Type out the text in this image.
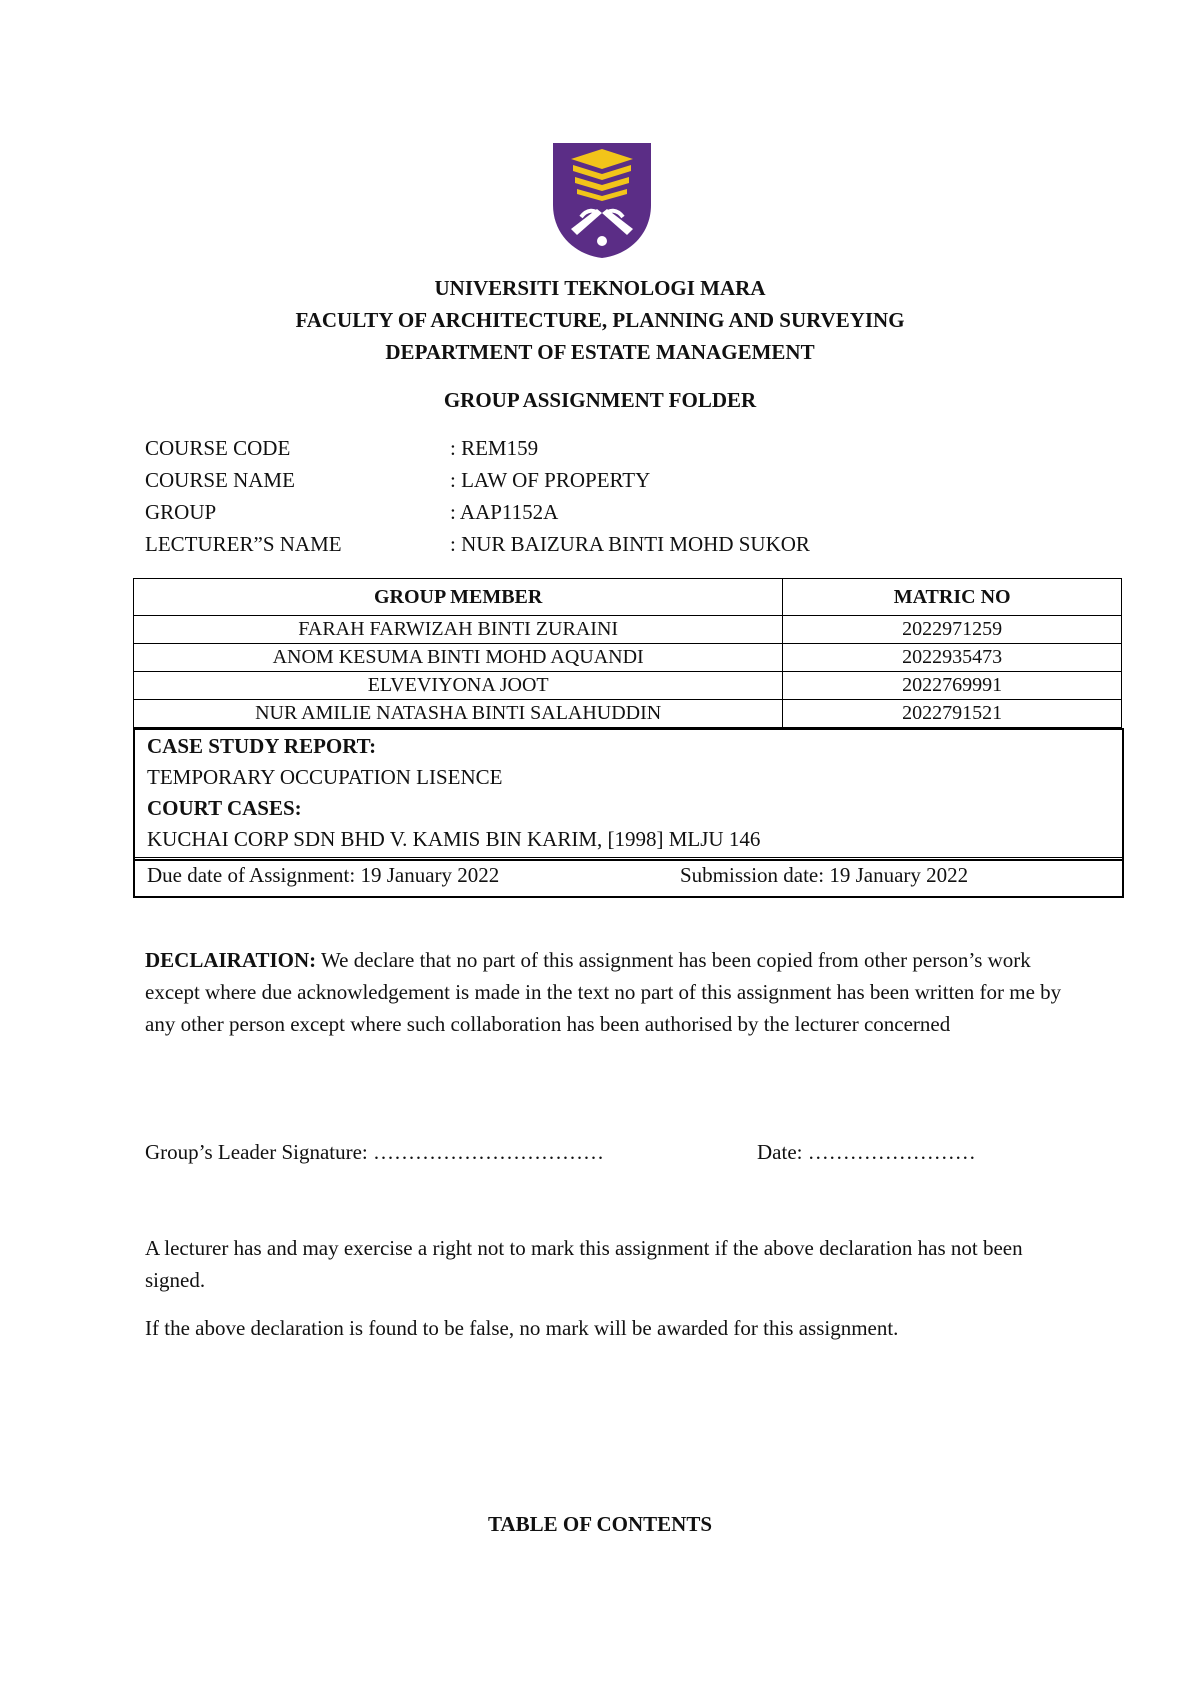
UNIVERSITI TEKNOLOGI MARA
FACULTY OF ARCHITECTURE, PLANNING AND SURVEYING
DEPARTMENT OF ESTATE MANAGEMENT
GROUP ASSIGNMENT FOLDER
COURSE CODE	: REM159
COURSE NAME	: LAW OF PROPERTY
GROUP	: AAP1152A
LECTURER”S NAME	: NUR BAIZURA BINTI MOHD SUKOR
GROUP MEMBER	MATRIC NO
FARAH FARWIZAH BINTI ZURAINI	2022971259
ANOM KESUMA BINTI MOHD AQUANDI	2022935473
ELVEVIYONA JOOT	2022769991
NUR AMILIE NATASHA BINTI SALAHUDDIN	2022791521
CASE STUDY REPORT:
TEMPORARY OCCUPATION LISENCE
COURT CASES:
KUCHAI CORP SDN BHD V. KAMIS BIN KARIM, [1998] MLJU 146
Due date of Assignment: 19 January 2022	Submission date: 19 January 2022
DECLAIRATION: We declare that no part of this assignment has been copied from other person’s work except where due acknowledgement is made in the text no part of this assignment has been written for me by any other person except where such collaboration has been authorised by the lecturer concerned
Group’s Leader Signature: ……………………………	Date: ……………………
A lecturer has and may exercise a right not to mark this assignment if the above declaration has not been signed.
If the above declaration is found to be false, no mark will be awarded for this assignment.
TABLE OF CONTENTS
